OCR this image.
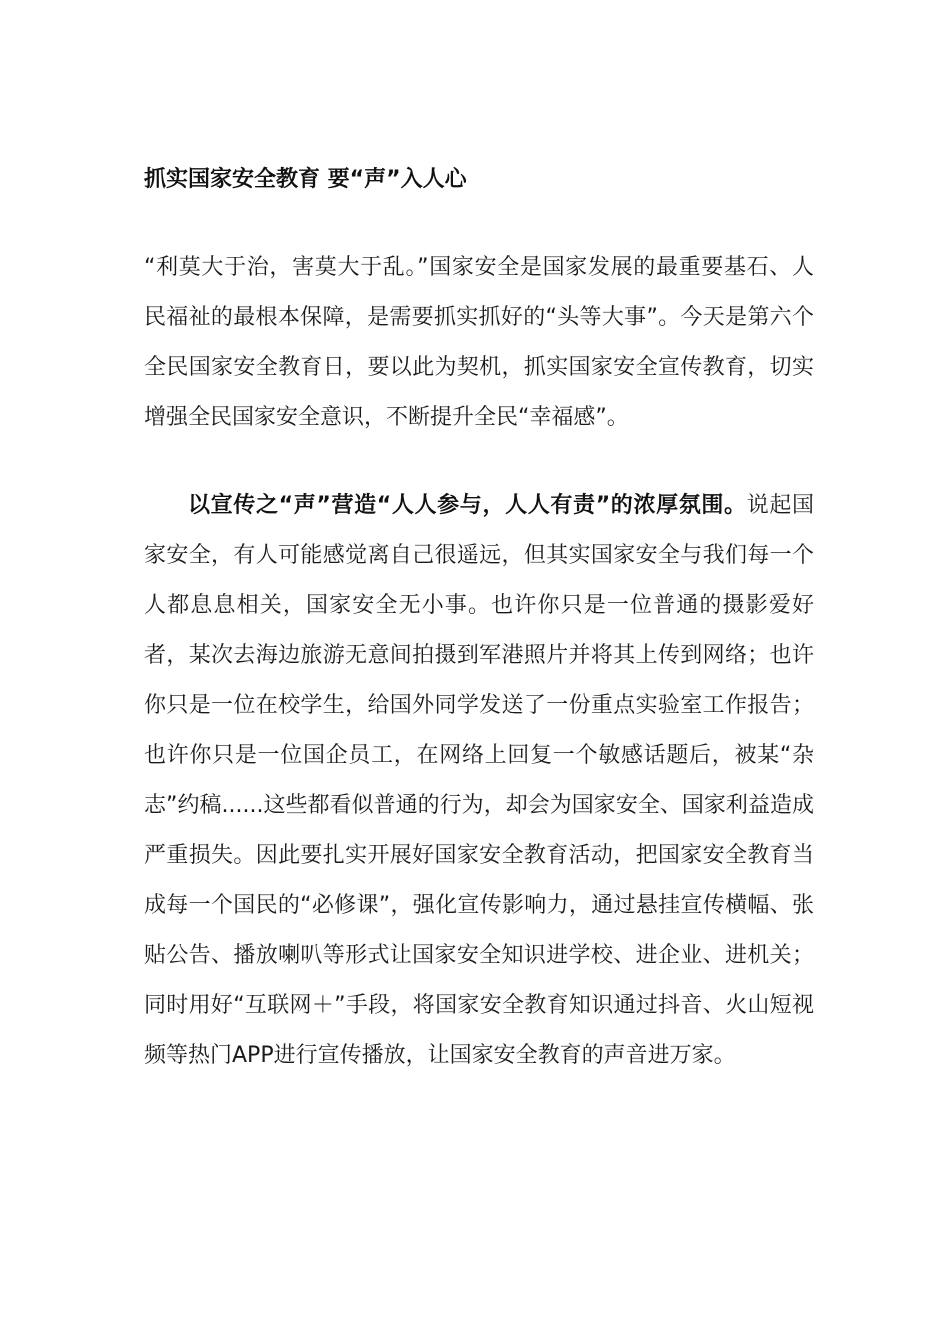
抓实国家安全教育 要“声”入人心

“利莫大于治，害莫大于乱。”国家安全是国家发展的最重要基石、人民福祉的最根本保障，是需要抓实抓好的“头等大事”。今天是第六个全民国家安全教育日，要以此为契机，抓实国家安全宣传教育，切实增强全民国家安全意识，不断提升全民“幸福感”。

以宣传之“声”营造“人人参与，人人有责”的浓厚氛围。说起国家安全，有人可能感觉离自己很遥远，但其实国家安全与我们每一个人都息息相关，国家安全无小事。也许你只是一位普通的摄影爱好者，某次去海边旅游无意间拍摄到军港照片并将其上传到网络；也许你只是一位在校学生，给国外同学发送了一份重点实验室工作报告；也许你只是一位国企员工，在网络上回复一个敏感话题后，被某“杂志”约稿......这些都看似普通的行为，却会为国家安全、国家利益造成严重损失。因此要扎实开展好国家安全教育活动，把国家安全教育当成每一个国民的“必修课”，强化宣传影响力，通过悬挂宣传横幅、张贴公告、播放喇叭等形式让国家安全知识进学校、进企业、进机关；同时用好“互联网＋”手段，将国家安全教育知识通过抖音、火山短视频等热门APP进行宣传播放，让国家安全教育的声音进万家。
